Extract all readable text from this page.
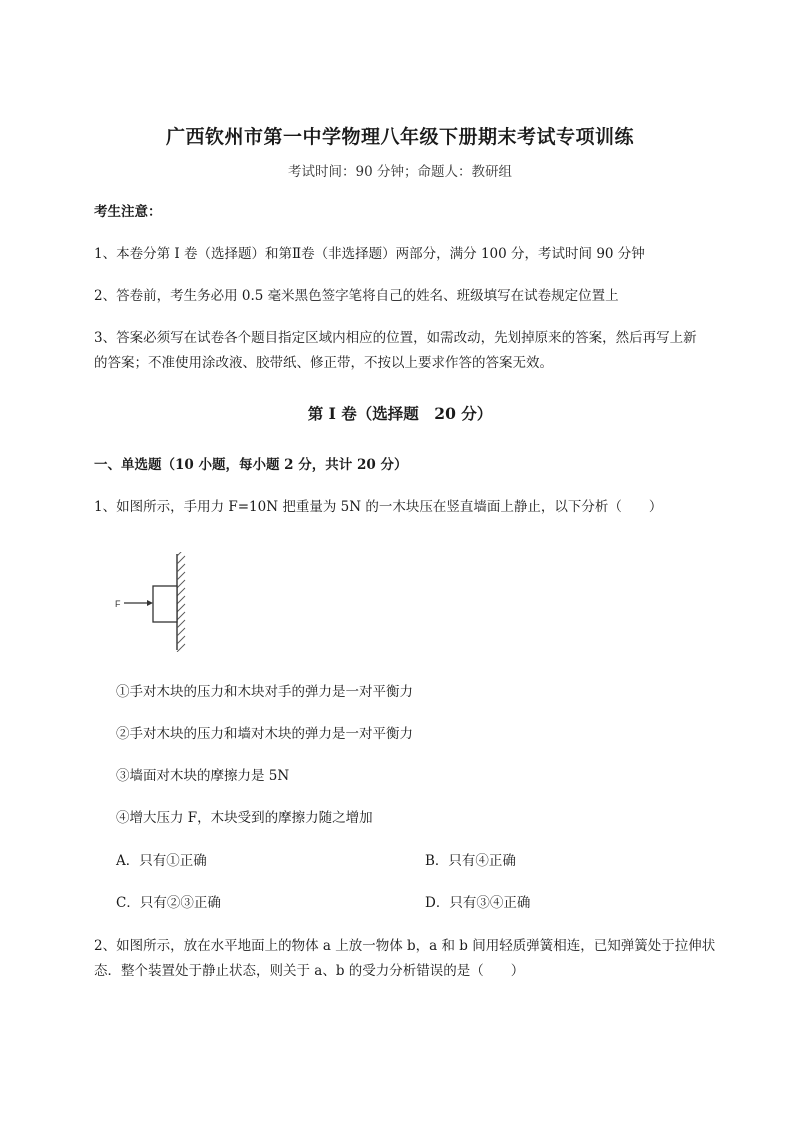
广西钦州市第一中学物理八年级下册期末考试专项训练
考试时间：90 分钟；命题人：教研组
考生注意：
1、本卷分第 I 卷（选择题）和第Ⅱ卷（非选择题）两部分，满分 100 分，考试时间 90 分钟
2、答卷前，考生务必用 0.5 毫米黑色签字笔将自己的姓名、班级填写在试卷规定位置上
3、答案必须写在试卷各个题目指定区域内相应的位置，如需改动，先划掉原来的答案，然后再写上新
的答案；不准使用涂改液、胶带纸、修正带，不按以上要求作答的答案无效。
第 I 卷（选择题　20 分）
一、单选题（10 小题，每小题 2 分，共计 20 分）
1、如图所示，手用力 F=10N 把重量为 5N 的一木块压在竖直墙面上静止，以下分析（　　）
F
①手对木块的压力和木块对手的弹力是一对平衡力
②手对木块的压力和墙对木块的弹力是一对平衡力
③墙面对木块的摩擦力是 5N
④增大压力 F，木块受到的摩擦力随之增加
A．只有①正确	B．只有④正确
C．只有②③正确	D．只有③④正确
2、如图所示，放在水平地面上的物体 a 上放一物体 b，a 和 b 间用轻质弹簧相连，已知弹簧处于拉伸状
态．整个装置处于静止状态，则关于 a、b 的受力分析错误的是（　　）
